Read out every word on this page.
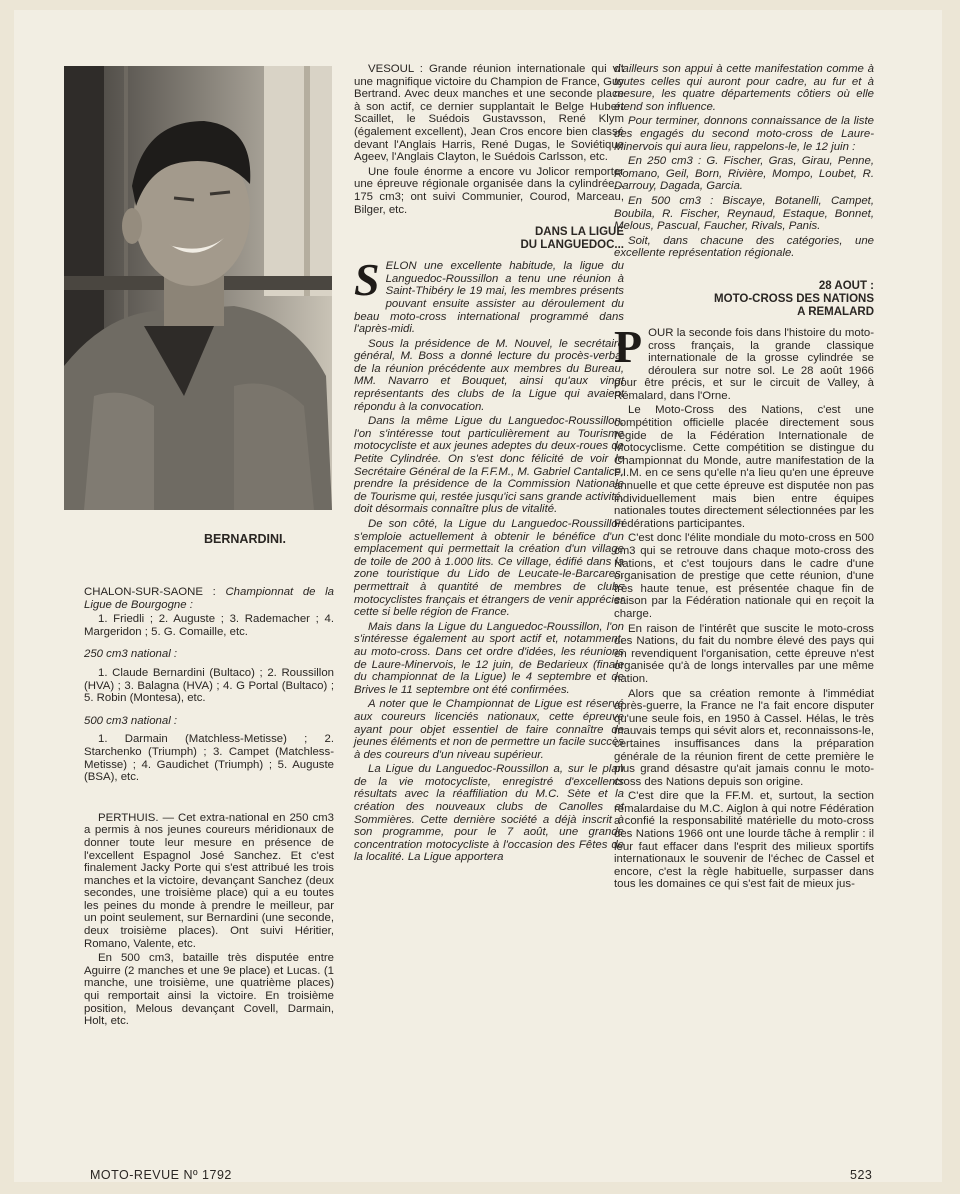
BERNARDINI.

CHALON-SUR-SAONE : Championnat de la Ligue de Bourgogne :

1. Friedli ; 2. Auguste ; 3. Rademacher ; 4. Margeridon ; 5. G. Comaille, etc.

250 cm3 national :

1. Claude Bernardini (Bultaco) ; 2. Roussillon (HVA) ; 3. Balagna (HVA) ; 4. G Portal (Bultaco) ; 5. Robin (Montesa), etc.

500 cm3 national :

1. Darmain (Matchless-Metisse) ; 2. Starchenko (Triumph) ; 3. Campet (Matchless-Metisse) ; 4. Gaudichet (Triumph) ; 5. Auguste (BSA), etc.

PERTHUIS. — Cet extra-national en 250 cm3 a permis à nos jeunes coureurs méridionaux de donner toute leur mesure en présence de l'excellent Espagnol José Sanchez. Et c'est finalement Jacky Porte qui s'est attribué les trois manches et la victoire, devançant Sanchez (deux secondes, une troisième place) qui a eu toutes les peines du monde à prendre le meilleur, par un point seulement, sur Bernardini (une seconde, deux troisième places). Ont suivi Héritier, Romano, Valente, etc.

En 500 cm3, bataille très disputée entre Aguirre (2 manches et une 9e place) et Lucas. (1 manche, une troisième, une quatrième places) qui remportait ainsi la victoire. En troisième position, Melous devançant Covell, Darmain, Holt, etc.

VESOUL : Grande réunion internationale qui vit une magnifique victoire du Champion de France, Guy Bertrand. Avec deux manches et une seconde place à son actif, ce dernier supplantait le Belge Hubert Scaillet, le Suédois Gustavsson, René Klym (également excellent), Jean Cros encore bien classé devant l'Anglais Harris, René Dugas, le Soviétique Ageev, l'Anglais Clayton, le Suédois Carlsson, etc.

Une foule énorme a encore vu Jolicor remporter une épreuve régionale organisée dans la cylindrée... 175 cm3; ont suivi Communier, Courod, Marceau, Bilger, etc.

DANS LA LIGUE
DU LANGUEDOC...

S ELON une excellente habitude, la ligue du Languedoc-Roussillon a tenu une réunion à Saint-Thibéry le 19 mai, les membres présents pouvant ensuite assister au déroulement du beau moto-cross international programmé dans l'après-midi.

Sous la présidence de M. Nouvel, le secrétaire général, M. Boss a donné lecture du procès-verbal de la réunion précédente aux membres du Bureau, MM. Navarro et Bouquet, ainsi qu'aux vingt représentants des clubs de la Ligue qui avaient répondu à la convocation.

Dans la même Ligue du Languedoc-Roussillon, l'on s'intéresse tout particulièrement au Tourisme motocycliste et aux jeunes adeptes du deux-roues de Petite Cylindrée. On s'est donc félicité de voir le Secrétaire Général de la F.F.M., M. Gabriel Cantalice, prendre la présidence de la Commission Nationale de Tourisme qui, restée jusqu'ici sans grande activité, doit désormais connaître plus de vitalité.

De son côté, la Ligue du Languedoc-Roussillon s'emploie actuellement à obtenir le bénéfice d'un emplacement qui permettait la création d'un village de toile de 200 à 1.000 lits. Ce village, édifié dans la zone touristique du Lido de Leucate-le-Barcares, permettrait à quantité de membres de clubs motocyclistes français et étrangers de venir apprécier cette si belle région de France.

Mais dans la Ligue du Languedoc-Roussillon, l'on s'intéresse également au sport actif et, notamment, au moto-cross. Dans cet ordre d'idées, les réunions de Laure-Minervois, le 12 juin, de Bedarieux (finale du championnat de la Ligue) le 4 septembre et de Brives le 11 septembre ont été confirmées.

A noter que le Championnat de Ligue est réservé aux coureurs licenciés nationaux, cette épreuve ayant pour objet essentiel de faire connaître de jeunes éléments et non de permettre un facile succès à des coureurs d'un niveau supérieur.

La Ligue du Languedoc-Roussillon a, sur le plan de la vie motocycliste, enregistré d'excellents résultats avec la réaffiliation du M.C. Sète et la création des nouveaux clubs de Canolles et Sommières. Cette dernière société a déjà inscrit à son programme, pour le 7 août, une grande concentration motocycliste à l'occasion des Fêtes de la localité. La Ligue apportera

d'ailleurs son appui à cette manifestation comme à toutes celles qui auront pour cadre, au fur et à mesure, les quatre départements côtiers où elle étend son influence.

Pour terminer, donnons connaissance de la liste des engagés du second moto-cross de Laure-Minervois qui aura lieu, rappelons-le, le 12 juin :

En 250 cm3 : G. Fischer, Gras, Girau, Penne, Romano, Geil, Born, Rivière, Mompo, Loubet, R. Darrouy, Dagada, Garcia.

En 500 cm3 : Biscaye, Botanelli, Campet, Boubila, R. Fischer, Reynaud, Estaque, Bonnet, Melous, Pascual, Faucher, Rivals, Panis.

Soit, dans chacune des catégories, une excellente représentation régionale.

28 AOUT :
MOTO-CROSS DES NATIONS
A REMALARD

P OUR la seconde fois dans l'histoire du moto-cross français, la grande classique internationale de la grosse cylindrée se déroulera sur notre sol. Le 28 août 1966 pour être précis, et sur le circuit de Valley, à Rémalard, dans l'Orne.

Le Moto-Cross des Nations, c'est une compétition officielle placée directement sous l'égide de la Fédération Internationale de Motocyclisme. Cette compétition se distingue du Championnat du Monde, autre manifestation de la F.I.M. en ce sens qu'elle n'a lieu qu'en une épreuve annuelle et que cette épreuve est disputée non pas individuellement mais bien entre équipes nationales toutes directement sélectionnées par les Fédérations participantes.

C'est donc l'élite mondiale du moto-cross en 500 cm3 qui se retrouve dans chaque moto-cross des Nations, et c'est toujours dans le cadre d'une organisation de prestige que cette réunion, d'une très haute tenue, est présentée chaque fin de saison par la Fédération nationale qui en reçoit la charge.

En raison de l'intérêt que suscite le moto-cross des Nations, du fait du nombre élevé des pays qui en revendiquent l'organisation, cette épreuve n'est organisée qu'à de longs intervalles par une même nation.

Alors que sa création remonte à l'immédiat après-guerre, la France ne l'a fait encore disputer qu'une seule fois, en 1950 à Cassel. Hélas, le très mauvais temps qui sévit alors et, reconnaissons-le, certaines insuffisances dans la préparation générale de la réunion firent de cette première le plus grand désastre qu'ait jamais connu le moto-cross des Nations depuis son origine.

C'est dire que la FF.M. et, surtout, la section rémalardaise du M.C. Aiglon à qui notre Fédération a confié la responsabilité matérielle du moto-cross des Nations 1966 ont une lourde tâche à remplir : il leur faut effacer dans l'esprit des milieux sportifs internationaux le souvenir de l'échec de Cassel et encore, c'est la règle habituelle, surpasser dans tous les domaines ce qui s'est fait de mieux jus-

MOTO-REVUE Nº 1792	523
